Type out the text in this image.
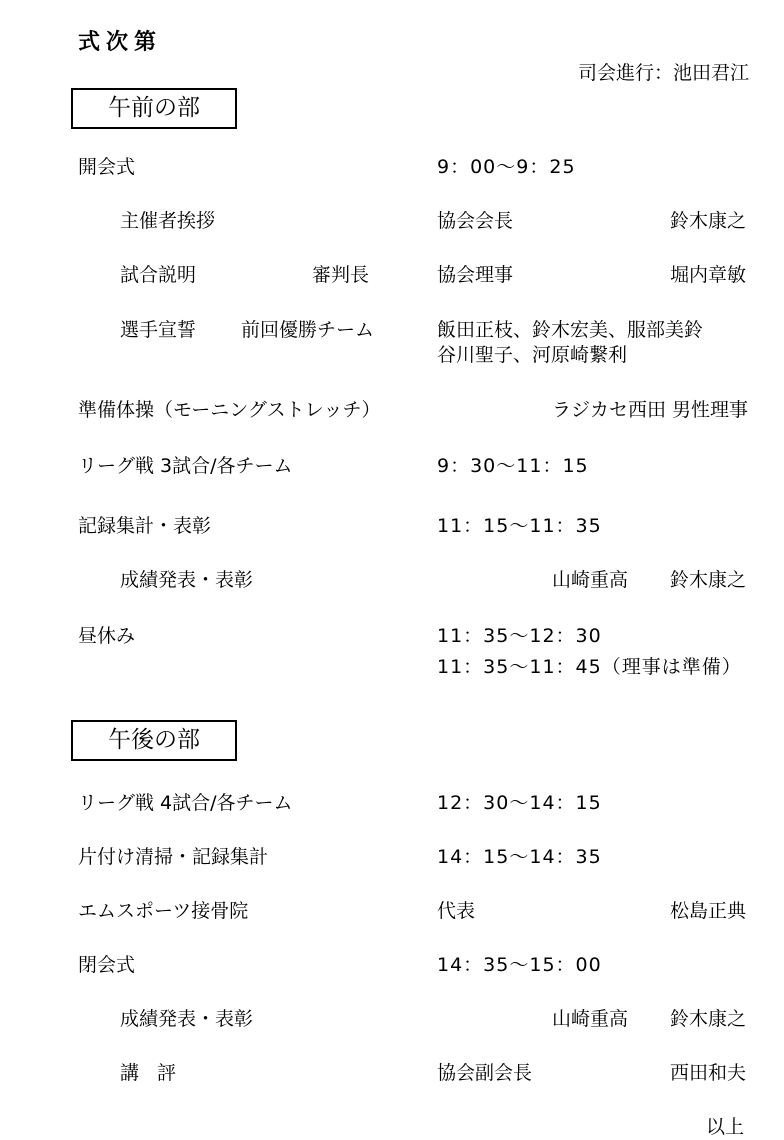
式次第
司会進行：池田君江
午前の部
開会式	9：00〜9：25
主催者挨拶	協会会長	鈴木康之
試合説明	審判長	協会理事	堀内章敏
選手宣誓 前回優勝チーム	飯田正枝、鈴木宏美、服部美鈴
谷川聖子、河原崎繋利
準備体操（モーニングストレッチ）	ラジカセ西田 男性理事
リーグ戦 3試合/各チーム	9：30〜11：15
記録集計・表彰	11：15〜11：35
成績発表・表彰	山崎重高 鈴木康之
昼休み	11：35〜12：30
11：35〜11：45（理事は準備）
午後の部
リーグ戦 4試合/各チーム	12：30〜14：15
片付け清掃・記録集計	14：15〜14：35
エムスポーツ接骨院	代表	松島正典
閉会式	14：35〜15：00
成績発表・表彰	山崎重高 鈴木康之
講 評	協会副会長	西田和夫
以上
